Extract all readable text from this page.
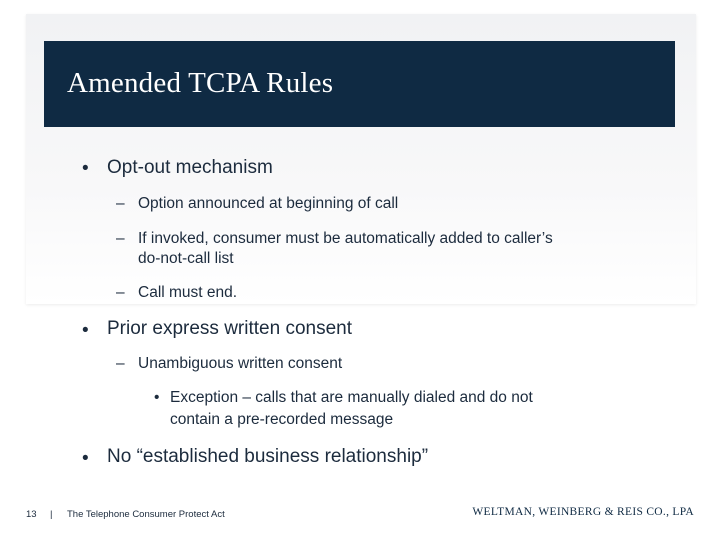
Amended TCPA Rules
• Opt-out mechanism
– Option announced at beginning of call
– If invoked, consumer must be automatically added to caller’s
do-not-call list
– Call must end.
• Prior express written consent
– Unambiguous written consent
• Exception – calls that are manually dialed and do not
contain a pre-recorded message
• No “established business relationship”
13 | The Telephone Consumer Protect Act	WELTMAN, WEINBERG & REIS CO., LPA
